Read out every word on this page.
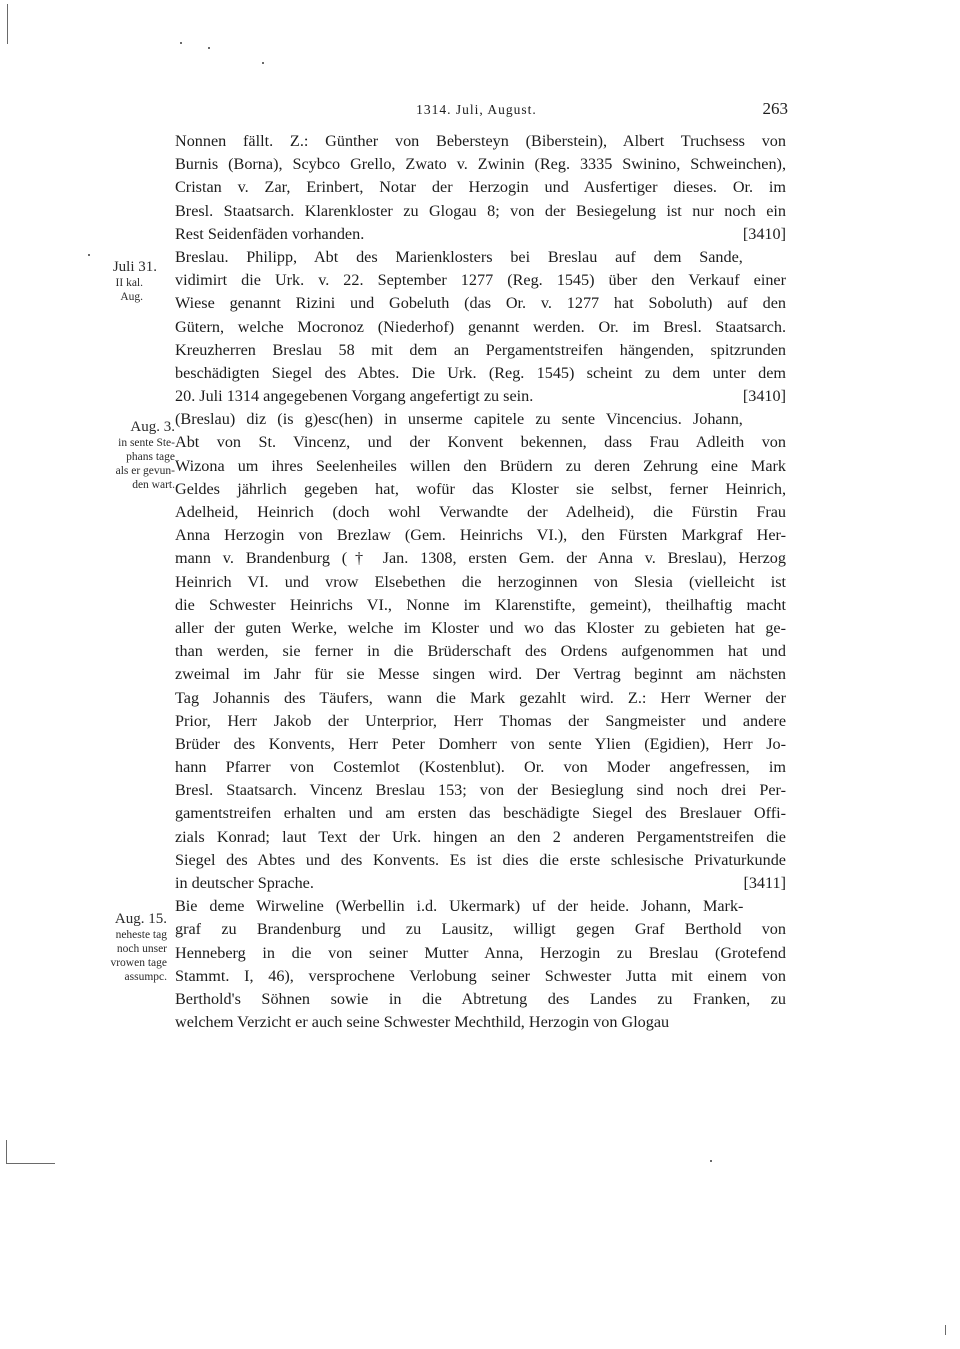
1314. Juli, August.	263
Juli 31.
II kal.
Aug.
Aug. 3.
in sente Ste-
phans tage
als er gevun-
den wart.
Aug. 15.
neheste tag
noch unser
vrowen tage
assumpc.
Nonnen fällt. Z.: Günther von Bebersteyn (Biberstein), Albert Truchsess von
Burnis (Borna), Scybco Grello, Zwato v. Zwinin (Reg. 3335 Swinino, Schweinchen),
Cristan v. Zar, Erinbert, Notar der Herzogin und Ausfertiger dieses. Or. im
Bresl. Staatsarch. Klarenkloster zu Glogau 8; von der Besiegelung ist nur noch ein
Rest Seidenfäden vorhanden.	[3410]
Breslau. Philipp, Abt des Marienklosters bei Breslau auf dem Sande,
vidimirt die Urk. v. 22. September 1277 (Reg. 1545) über den Verkauf einer
Wiese genannt Rizini und Gobeluth (das Or. v. 1277 hat Soboluth) auf den
Gütern, welche Mocronoz (Niederhof) genannt werden. Or. im Bresl. Staatsarch.
Kreuzherren Breslau 58 mit dem an Pergamentstreifen hängenden, spitzrunden
beschädigten Siegel des Abtes. Die Urk. (Reg. 1545) scheint zu dem unter dem
20. Juli 1314 angegebenen Vorgang angefertigt zu sein.	[3410]
(Breslau) diz (is g)esc(hen) in unserme capitele zu sente Vincencius. Johann,
Abt von St. Vincenz, und der Konvent bekennen, dass Frau Adleith von
Wizona um ihres Seelenheiles willen den Brüdern zu deren Zehrung eine Mark
Geldes jährlich gegeben hat, wofür das Kloster sie selbst, ferner Heinrich,
Adelheid, Heinrich (doch wohl Verwandte der Adelheid), die Fürstin Frau
Anna Herzogin von Brezlaw (Gem. Heinrichs VI.), den Fürsten Markgraf Her-
mann v. Brandenburg († Jan. 1308, ersten Gem. der Anna v. Breslau), Herzog
Heinrich VI. und vrow Elsebethen die herzoginnen von Slesia (vielleicht ist
die Schwester Heinrichs VI., Nonne im Klarenstifte, gemeint), theilhaftig macht
aller der guten Werke, welche im Kloster und wo das Kloster zu gebieten hat ge-
than werden, sie ferner in die Brüderschaft des Ordens aufgenommen hat und
zweimal im Jahr für sie Messe singen wird. Der Vertrag beginnt am nächsten
Tag Johannis des Täufers, wann die Mark gezahlt wird. Z.: Herr Werner der
Prior, Herr Jakob der Unterprior, Herr Thomas der Sangmeister und andere
Brüder des Konvents, Herr Peter Domherr von sente Ylien (Egidien), Herr Jo-
hann Pfarrer von Costemlot (Kostenblut). Or. von Moder angefressen, im
Bresl. Staatsarch. Vincenz Breslau 153; von der Besieglung sind noch drei Per-
gamentstreifen erhalten und am ersten das beschädigte Siegel des Breslauer Offi-
zials Konrad; laut Text der Urk. hingen an den 2 anderen Pergamentstreifen die
Siegel des Abtes und des Konvents. Es ist dies die erste schlesische Privaturkunde
in deutscher Sprache.	[3411]
Bie deme Wirweline (Werbellin i.d. Ukermark) uf der heide. Johann, Mark-
graf zu Brandenburg und zu Lausitz, willigt gegen Graf Berthold von
Henneberg in die von seiner Mutter Anna, Herzogin zu Breslau (Grotefend
Stammt. I, 46), versprochene Verlobung seiner Schwester Jutta mit einem von
Berthold's Söhnen sowie in die Abtretung des Landes zu Franken, zu
welchem Verzicht er auch seine Schwester Mechthild, Herzogin von Glogau
